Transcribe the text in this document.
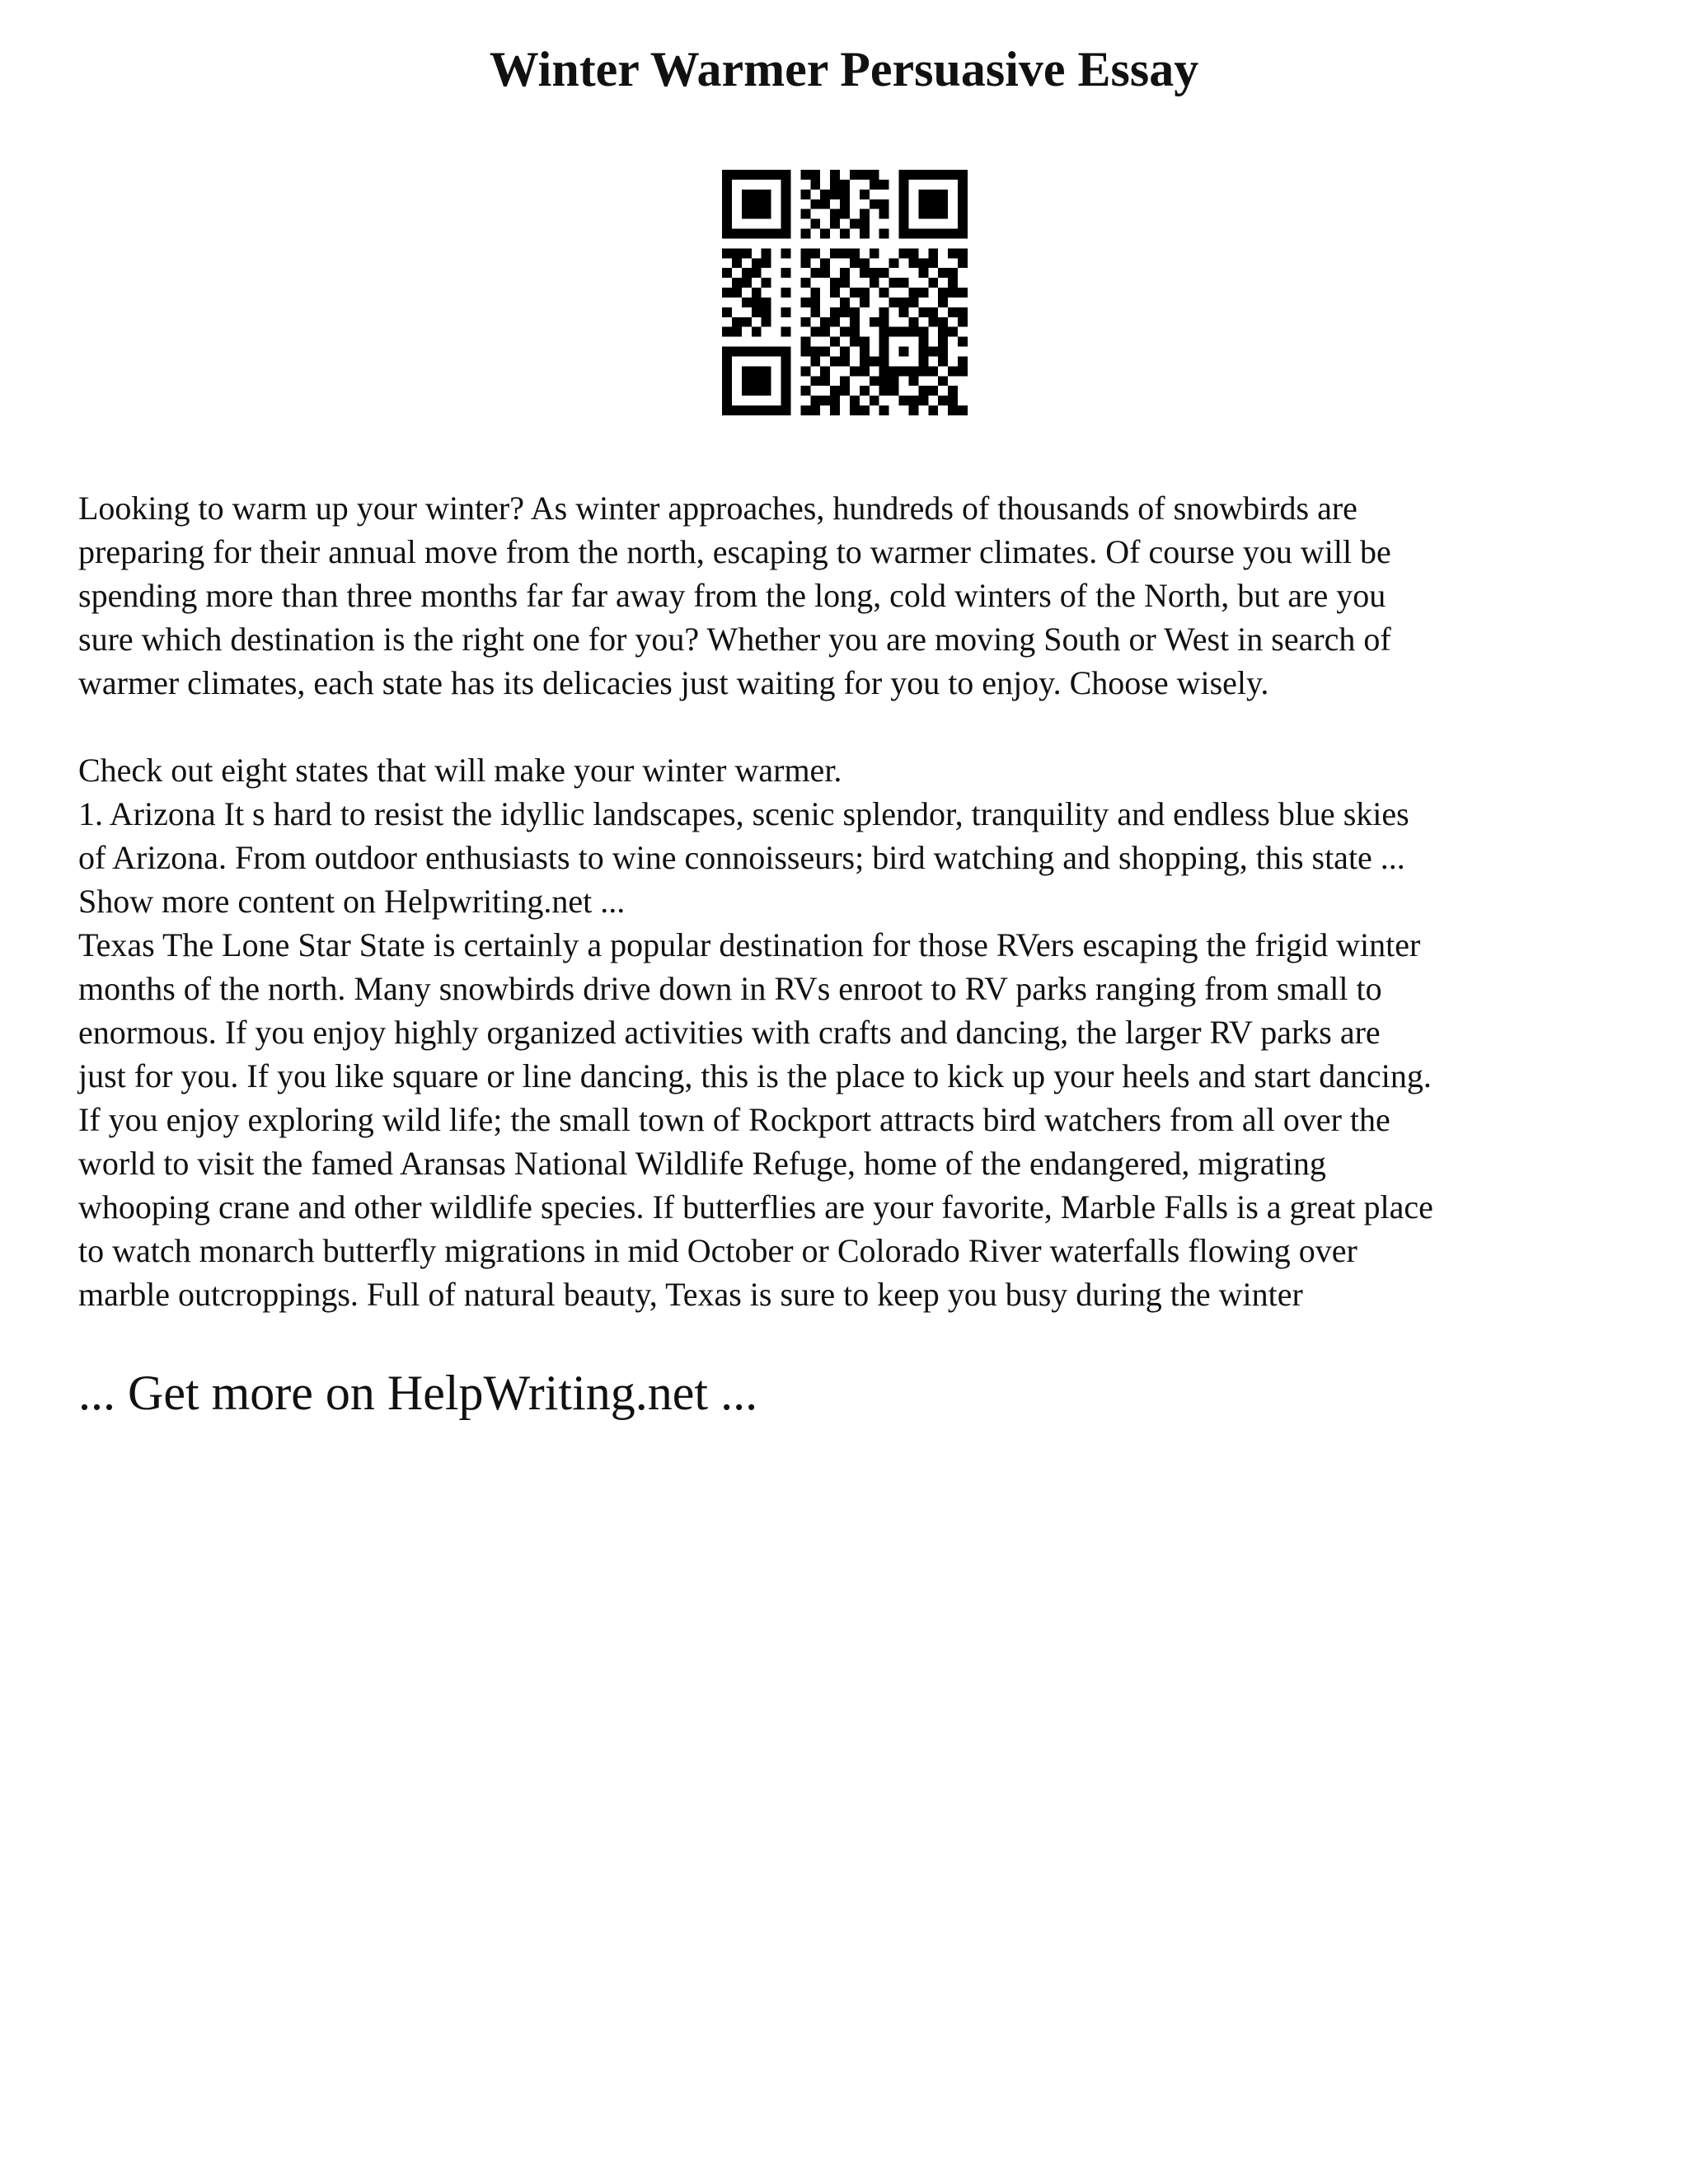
Winter Warmer Persuasive Essay
Looking to warm up your winter? As winter approaches, hundreds of thousands of snowbirds are
preparing for their annual move from the north, escaping to warmer climates. Of course you will be
spending more than three months far far away from the long, cold winters of the North, but are you
sure which destination is the right one for you? Whether you are moving South or West in search of
warmer climates, each state has its delicacies just waiting for you to enjoy. Choose wisely.
Check out eight states that will make your winter warmer.
1. Arizona It s hard to resist the idyllic landscapes, scenic splendor, tranquility and endless blue skies
of Arizona. From outdoor enthusiasts to wine connoisseurs; bird watching and shopping, this state ...
Show more content on Helpwriting.net ...
Texas The Lone Star State is certainly a popular destination for those RVers escaping the frigid winter
months of the north. Many snowbirds drive down in RVs enroot to RV parks ranging from small to
enormous. If you enjoy highly organized activities with crafts and dancing, the larger RV parks are
just for you. If you like square or line dancing, this is the place to kick up your heels and start dancing.
If you enjoy exploring wild life; the small town of Rockport attracts bird watchers from all over the
world to visit the famed Aransas National Wildlife Refuge, home of the endangered, migrating
whooping crane and other wildlife species. If butterflies are your favorite, Marble Falls is a great place
to watch monarch butterfly migrations in mid October or Colorado River waterfalls flowing over
marble outcroppings. Full of natural beauty, Texas is sure to keep you busy during the winter

... Get more on HelpWriting.net ...
